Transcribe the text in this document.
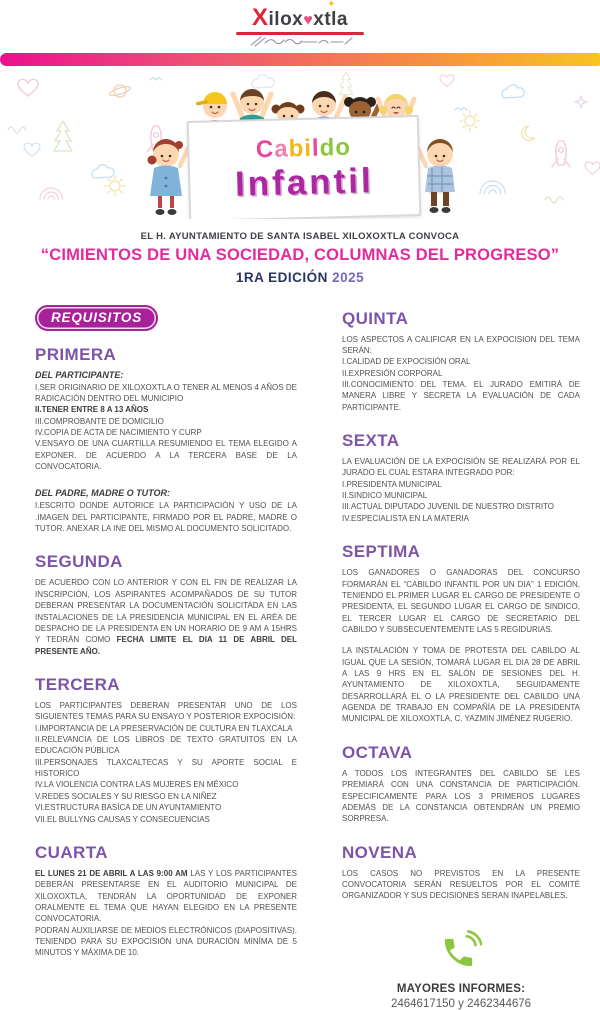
Xilox♥xtla
✦
Cabildo
Infantil
EL H. AYUNTAMIENTO DE SANTA ISABEL XILOXOXTLA CONVOCA
“CIMIENTOS DE UNA SOCIEDAD, COLUMNAS DEL PROGRESO”
1RA EDICIÓN 2025
REQUISITOS
PRIMERA

DEL PARTICIPANTE:

I.SER ORIGINARIO DE XILOXOXTLA O TENER AL MENOS 4 AÑOS DE RADICACIÓN DENTRO DEL MUNICIPIO

II.TENER ENTRE 8 A 13 AÑOS

III.COMPROBANTE DE DOMICILIO

IV.COPIA DE ACTA DE NACIMIENTO Y CURP

V.ENSAYO DE UNA CUARTILLA RESUMIENDO EL TEMA ELEGIDO A EXPONER. DE ACUERDO A LA TERCERA BASE DE LA CONVOCATORIA.

DEL PADRE, MADRE O TUTOR:

I.ESCRITO DONDE AUTORICE LA PARTICIPACIÓN Y USO DE LA .IMAGEN DEL PARTICIPANTE, FIRMADO POR EL PADRE, MADRE O TUTOR. ANEXAR LA INE DEL MISMO AL DOCUMENTO SOLICITADO.

SEGUNDA

DE ACUERDO CON LO ANTERIOR Y CON EL FIN DE REALIZAR LA INSCRIPCIÓN, LOS ASPIRANTES ACOMPAÑADOS DE SU TUTOR DEBERAN PRESENTAR LA DOCUMENTACIÓN SOLICITADA EN LAS INSTALACIONES DE LA PRESIDENCIA MUNICIPAL EN EL ARÉA DE DESPACHO DE LA PRESIDENTA EN UN HORARIO DE 9 AM A 15HRS Y TEDRÁN COMO FECHA LIMITE EL DIA 11 DE ABRIL DEL PRESENTE AÑO.

TERCERA

LOS PARTICIPANTES DEBERAN PRESENTAR UNO DE LOS SIGUIENTES TEMAS PARA SU ENSAYO Y POSTERIOR EXPOCISIÓN:

I.IMPORTANCIA DE LA PRESERVACIÓN DE CULTURA EN TLAXCALA

II.RELEVANCIA DE LOS LIBROS DE TEXTO GRATUITOS EN LA EDUCACIÓN PÚBLICA

III.PERSONAJES TLAXCALTECAS Y SU APORTE SOCIAL E HISTORICO

IV.LA VIOLENCIA CONTRA LAS MUJERES EN MÉXICO

V.REDES SOCIALES Y SU RIESGO EN LA NIÑEZ

VI.ESTRUCTURA BASÍCA DE UN AYUNTAMIENTO

VII.EL BULLYNG CAUSAS Y CONSECUENCIAS

CUARTA

EL LUNES 21 DE ABRIL A LAS 9:00 AM LAS Y LOS PARTICIPANTES DEBERÁN PRESENTARSE EN EL AUDITORIO MUNICIPAL DE XILOXOXTLA, TENDRÁN LA OPORTUNIDAD DE EXPONER ORALMENTE EL TEMA QUE HAYAN ELEGIDO EN LA PRESENTE CONVOCATORIA.

PODRAN AUXILIARSE DE MEDIOS ELECTRÓNICOS (DIAPOSITIVAS). TENIENDO PARA SU EXPOCISIÓN UNA DURACIÓN MINÍMA DE 5 MINUTOS Y MÁXIMA DE 10.

QUINTA

LOS ASPECTOS A CALIFICAR EN LA EXPOCISION DEL TEMA SERÁN:

I.CALIDAD DE EXPOCISIÓN ORAL

II.EXPRESIÓN CORPORAL

III.CONOCIMIENTO DEL TEMA. EL JURADO EMITIRÁ DE MANERA LIBRE Y SECRETA LA EVALUACIÓN DE CADA PARTICIPANTE.

SEXTA

LA EVALUACIÓN DE LA EXPOCISIÓN SE REALIZARÁ POR EL JURADO EL CUAL ESTARA INTEGRADO POR:

I.PRESIDENTA MUNICIPAL

II.SINDICO MUNICIPAL

III.ACTUAL DIPUTADO JUVENIL DE NUESTRO DISTRITO

IV.ESPECIALISTA EN LA MATERIA

SEPTIMA

LOS GANADORES O GANADORAS DEL CONCURSO FORMARÁN EL “CABILDO INFANTIL POR UN DIA” 1 EDICIÓN, TENIENDO EL PRIMER LUGAR EL CARGO DE PRESIDENTE O PRESIDENTA, EL SEGUNDO LUGAR EL CARGO DE SINDICO, EL TERCER LUGAR EL CARGO DE SECRETARIO DEL CABILDO Y SUBSECUENTEMENTE LAS 5 REGIDURIAS.

LA INSTALACIÓN Y TOMA DE PROTESTA DEL CABILDO AL IGUAL QUE LA SESIÓN, TOMARÁ LUGAR EL DIA 28 DE ABRIL A LAS 9 HRS EN EL SALÓN DE SESIONES DEL H. AYUNTAMIENTO DE XILOXOXTLA, SEGUIDAMENTE DESARROLLARÁ EL O LA PRESIDENTE DEL CABILDO UNA AGENDA DE TRABAJO EN COMPAÑÍA DE LA PRESIDENTA MUNICIPAL DE XILOXOXTLA, C. YAZMIN JIMÉNEZ RUGERIO.

OCTAVA

A TODOS LOS INTEGRANTES DEL CABILDO SE LES PREMIARÁ CON UNA CONSTANCIA DE PARTICIPACIÓN. ESPECIFICAMENTE PARA LOS 3 PRIMEROS LUGARES ADEMÁS DE LA CONSTANCIA OBTENDRÁN UN PREMIO SORPRESA.

NOVENA

LOS CASOS NO PREVISTOS EN LA PRESENTE CONVOCATORIA SERÁN RESUELTOS POR EL COMITÉ ORGANIZADOR Y SUS DECISIONES SERAN INAPELABLES.

MAYORES INFORMES:
2464617150 y 2462344676
